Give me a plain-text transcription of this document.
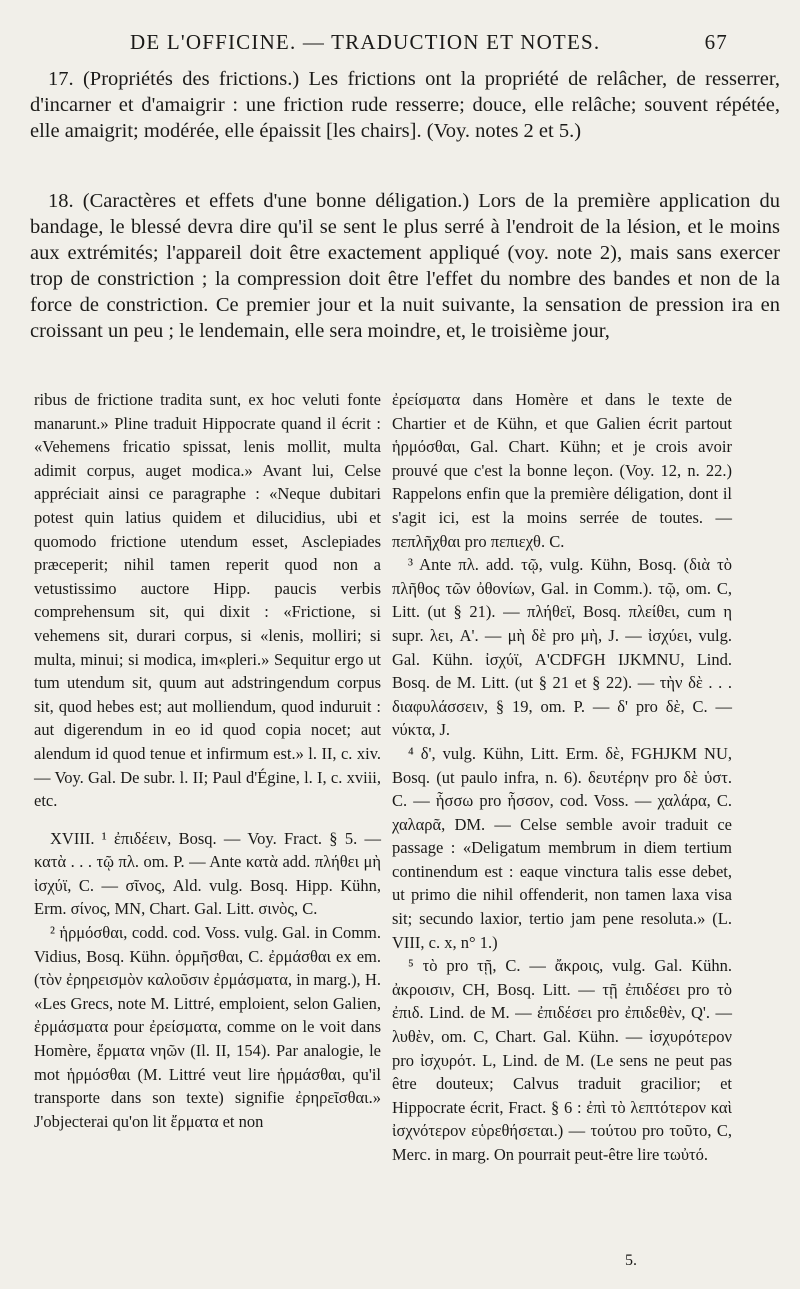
DE L'OFFICINE. — TRADUCTION ET NOTES.	67

17. (Propriétés des frictions.) Les frictions ont la propriété de relâcher, de resserrer, d'incarner et d'amaigrir : une friction rude resserre; douce, elle relâche; souvent répétée, elle amaigrit; modérée, elle épaissit [les chairs]. (Voy. notes 2 et 5.)

18. (Caractères et effets d'une bonne déligation.) Lors de la première application du bandage, le blessé devra dire qu'il se sent le plus serré à l'endroit de la lésion, et le moins aux extrémités; l'appareil doit être exactement appliqué (voy. note 2), mais sans exercer trop de constriction ; la compression doit être l'effet du nombre des bandes et non de la force de constriction. Ce premier jour et la nuit suivante, la sensation de pression ira en croissant un peu ; le lendemain, elle sera moindre, et, le troisième jour,

ribus de frictione tradita sunt, ex hoc veluti fonte manarunt.» Pline traduit Hippocrate quand il écrit : «Vehemens fricatio spissat, lenis mollit, multa adimit corpus, auget modica.» Avant lui, Celse appréciait ainsi ce paragraphe : «Neque dubitari potest quin latius quidem et dilucidius, ubi et quomodo frictione utendum esset, Asclepiades præceperit; nihil tamen reperit quod non a vetustissimo auctore Hipp. paucis verbis comprehensum sit, qui dixit : «Frictione, si vehemens sit, durari corpus, si «lenis, molliri; si multa, minui; si modica, im«pleri.» Sequitur ergo ut tum utendum sit, quum aut adstringendum corpus sit, quod hebes est; aut molliendum, quod induruit : aut digerendum in eo id quod copia nocet; aut alendum id quod tenue et infirmum est.» l. II, c. xiv. — Voy. Gal. De subr. l. II; Paul d'Égine, l. I, c. xviii, etc.

XVIII. ¹ ἐπιδέειν, Bosq. — Voy. Fract. § 5. — κατὰ . . . τῷ πλ. om. P. — Ante κατὰ add. πλήθει μὴ ἰσχύϊ, C. — σῖνος, Ald. vulg. Bosq. Hipp. Kühn, Erm. σίνος, MN, Chart. Gal. Litt. σινὸς, C.

² ἡρμόσθαι, codd. cod. Voss. vulg. Gal. in Comm. Vidius, Bosq. Kühn. ὁρμῆσθαι, C. ἐρμάσθαι ex em. (τὸν ἐρηρεισμὸν καλοῦσιν ἐρμάσματα, in marg.), H. «Les Grecs, note M. Littré, emploient, selon Galien, ἐρμάσματα pour ἐρείσματα, comme on le voit dans Homère, ἔρματα νηῶν (Il. II, 154). Par analogie, le mot ἡρμόσθαι (M. Littré veut lire ἡρμάσθαι, qu'il transporte dans son texte) signifie ἐρηρεῖσθαι.» J'objecterai qu'on lit ἔρματα et non

ἐρείσματα dans Homère et dans le texte de Chartier et de Kühn, et que Galien écrit partout ἡρμόσθαι, Gal. Chart. Kühn; et je crois avoir prouvé que c'est la bonne leçon. (Voy. 12, n. 22.) Rappelons enfin que la première déligation, dont il s'agit ici, est la moins serrée de toutes. — πεπλῆχθαι pro πεπιεχθ. C.

³ Ante πλ. add. τῷ, vulg. Kühn, Bosq. (διὰ τὸ πλῆθος τῶν ὀθονίων, Gal. in Comm.). τῷ, om. C, Litt. (ut § 21). — πλήθεϊ, Bosq. πλείθει, cum η supr. λει, A'. — μὴ δὲ pro μὴ, J. — ἰσχύει, vulg. Gal. Kühn. ἰσχύϊ, A'CDFGH IJKMNU, Lind. Bosq. de M. Litt. (ut § 21 et § 22). — τὴν δὲ . . . διαφυλάσσειν, § 19, om. P. — δ' pro δὲ, C. — νύκτα, J.

⁴ δ', vulg. Kühn, Litt. Erm. δὲ, FGHJKM NU, Bosq. (ut paulo infra, n. 6). δευτέρην pro δὲ ὑστ. C. — ἧσσω pro ἧσσον, cod. Voss. — χαλάρα, C. χαλαρᾶ, DM. — Celse semble avoir traduit ce passage : «Deligatum membrum in diem tertium continendum est : eaque vinctura talis esse debet, ut primo die nihil offenderit, non tamen laxa visa sit; secundo laxior, tertio jam pene resoluta.» (L. VIII, c. x, n° 1.)

⁵ τὸ pro τῇ, C. — ἄκροις, vulg. Gal. Kühn. ἀκροισιν, CH, Bosq. Litt. — τῇ ἐπιδέσει pro τὸ ἐπιδ. Lind. de M. — ἐπιδέσει pro ἐπιδεθὲν, Q'. — λυθὲν, om. C, Chart. Gal. Kühn. — ἰσχυρότερον pro ἰσχυρότ. L, Lind. de M. (Le sens ne peut pas être douteux; Calvus traduit gracilior; et Hippocrate écrit, Fract. § 6 : ἐπὶ τὸ λεπτότερον καὶ ἰσχνότερον εὑρεθήσεται.) — τούτου pro τοῦτο, C, Merc. in marg. On pourrait peut-être lire τωὐτό.

5.
